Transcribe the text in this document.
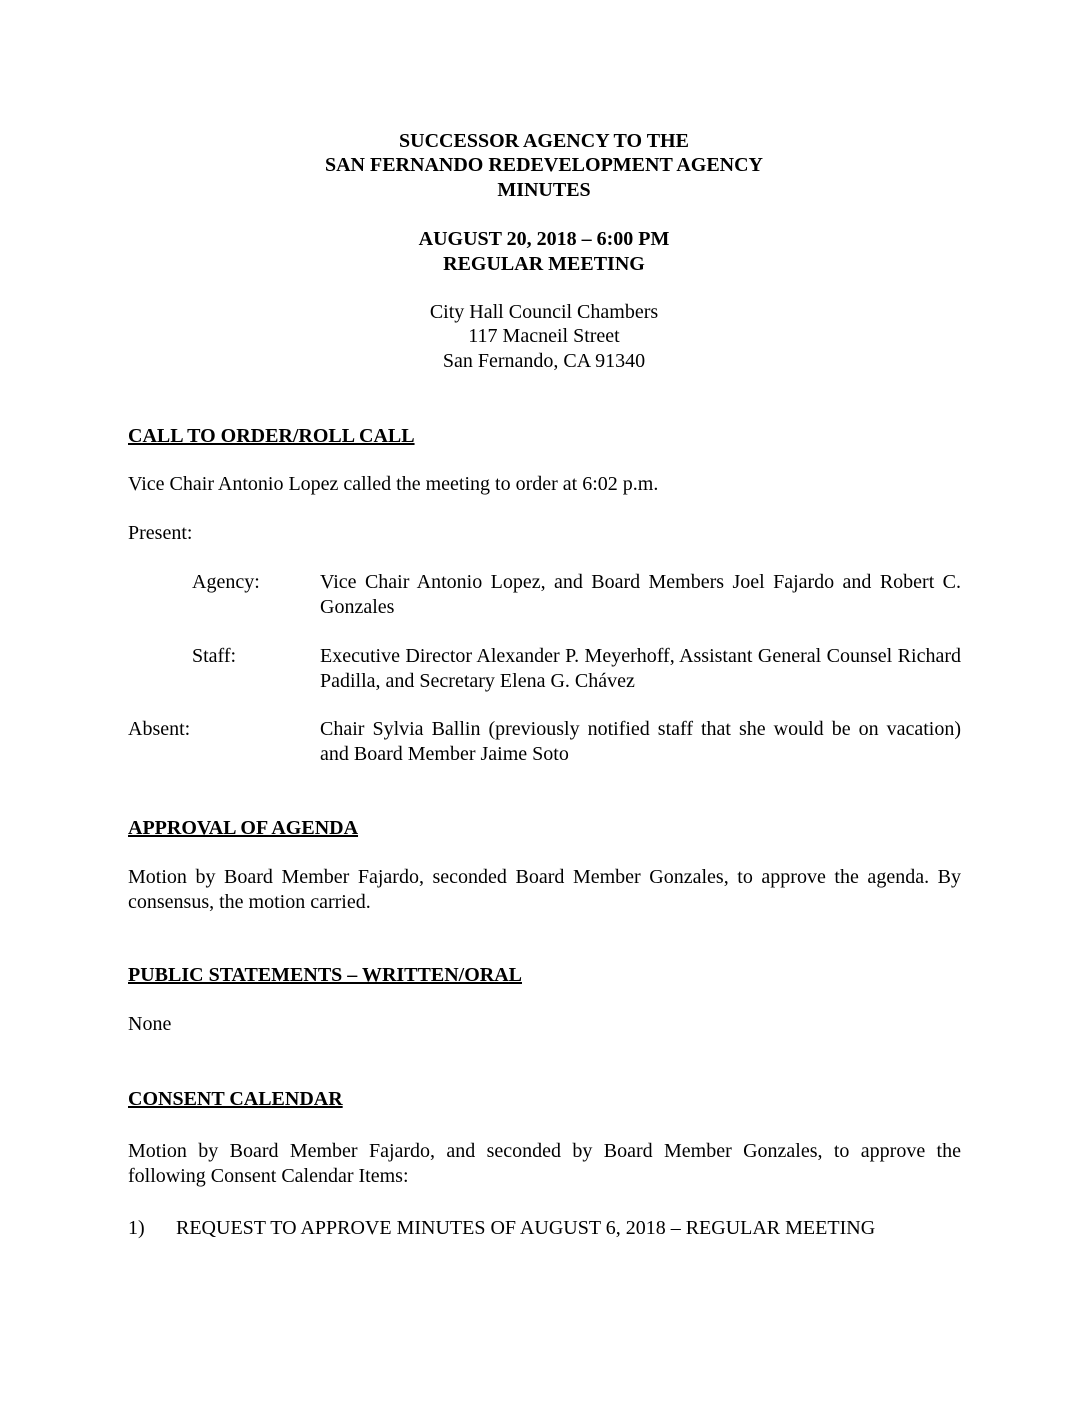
SUCCESSOR AGENCY TO THE
SAN FERNANDO REDEVELOPMENT AGENCY
MINUTES
AUGUST 20, 2018 – 6:00 PM
REGULAR MEETING
City Hall Council Chambers
117 Macneil Street
San Fernando, CA 91340
CALL TO ORDER/ROLL CALL
Vice Chair Antonio Lopez called the meeting to order at 6:02 p.m.
Present:
Agency:	Vice Chair Antonio Lopez, and Board Members Joel Fajardo and Robert C. Gonzales
Staff:	Executive Director Alexander P. Meyerhoff, Assistant General Counsel Richard Padilla, and Secretary Elena G. Chávez
Absent:	Chair Sylvia Ballin (previously notified staff that she would be on vacation) and Board Member Jaime Soto
APPROVAL OF AGENDA
Motion by Board Member Fajardo, seconded Board Member Gonzales, to approve the agenda. By consensus, the motion carried.
PUBLIC STATEMENTS – WRITTEN/ORAL
None
CONSENT CALENDAR
Motion by Board Member Fajardo, and seconded by Board Member Gonzales, to approve the following Consent Calendar Items:
1) REQUEST TO APPROVE MINUTES OF AUGUST 6, 2018 – REGULAR MEETING
